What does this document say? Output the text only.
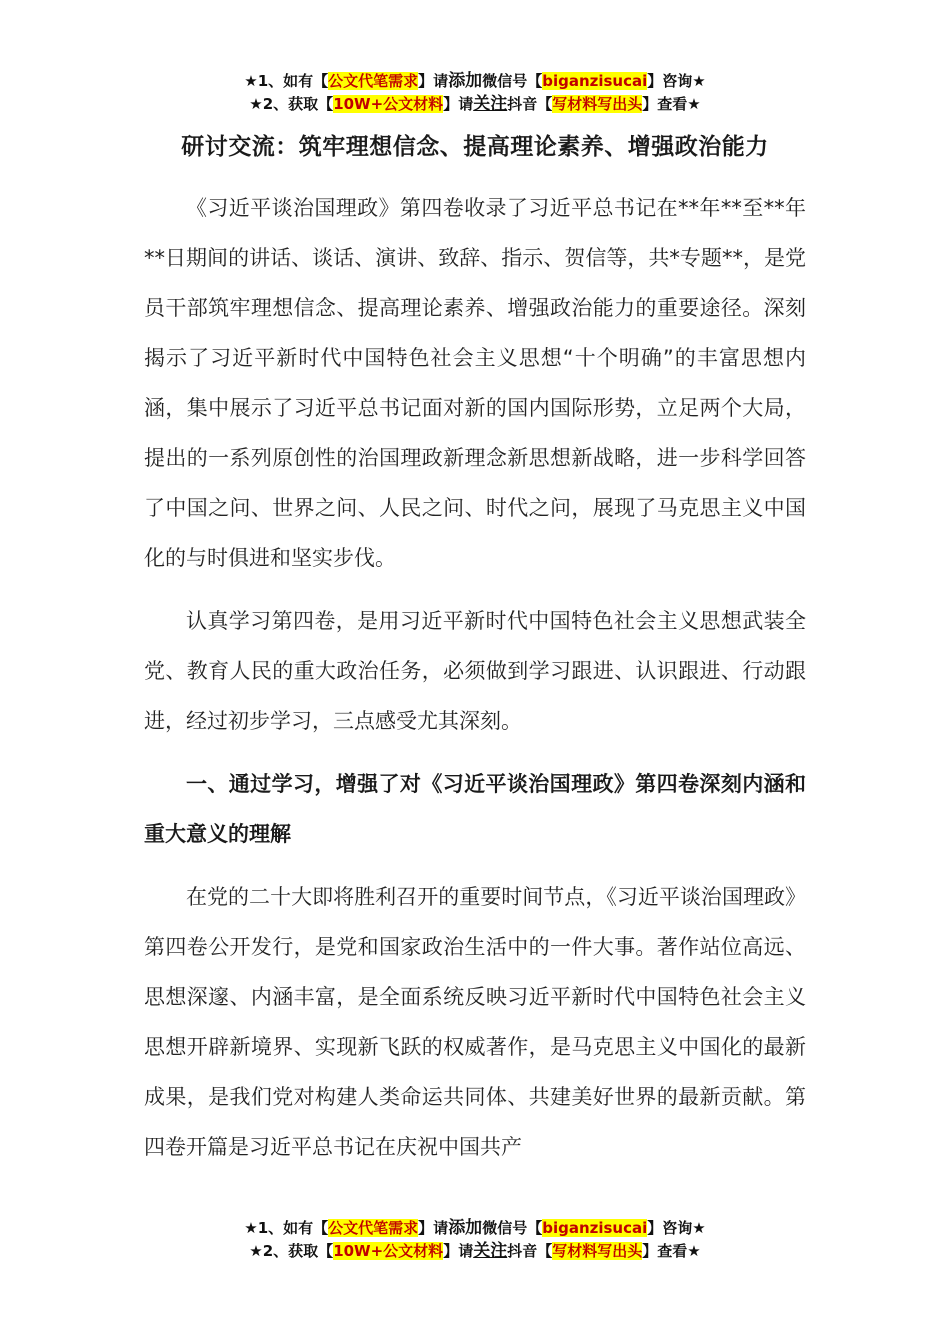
★1、如有【公文代笔需求】请添加微信号【biganzisucai】咨询★
★2、获取【10W+公文材料】请关注抖音【写材料写出头】查看★
研讨交流：筑牢理想信念、提高理论素养、增强政治能力

《习近平谈治国理政》第四卷收录了习近平总书记在**年**至**年**日期间的讲话、谈话、演讲、致辞、指示、贺信等，共*专题**，是党员干部筑牢理想信念、提高理论素养、增强政治能力的重要途径。深刻揭示了习近平新时代中国特色社会主义思想“十个明确”的丰富思想内涵，集中展示了习近平总书记面对新的国内国际形势，立足两个大局，提出的一系列原创性的治国理政新理念新思想新战略，进一步科学回答了中国之问、世界之问、人民之问、时代之问，展现了马克思主义中国化的与时俱进和坚实步伐。

认真学习第四卷，是用习近平新时代中国特色社会主义思想武装全党、教育人民的重大政治任务，必须做到学习跟进、认识跟进、行动跟进，经过初步学习，三点感受尤其深刻。

一、通过学习，增强了对《习近平谈治国理政》第四卷深刻内涵和重大意义的理解

在党的二十大即将胜利召开的重要时间节点，《习近平谈治国理政》第四卷公开发行，是党和国家政治生活中的一件大事。著作站位高远、思想深邃、内涵丰富，是全面系统反映习近平新时代中国特色社会主义思想开辟新境界、实现新飞跃的权威著作，是马克思主义中国化的最新成果，是我们党对构建人类命运共同体、共建美好世界的最新贡献。第四卷开篇是习近平总书记在庆祝中国共产

★1、如有【公文代笔需求】请添加微信号【biganzisucai】咨询★
★2、获取【10W+公文材料】请关注抖音【写材料写出头】查看★
